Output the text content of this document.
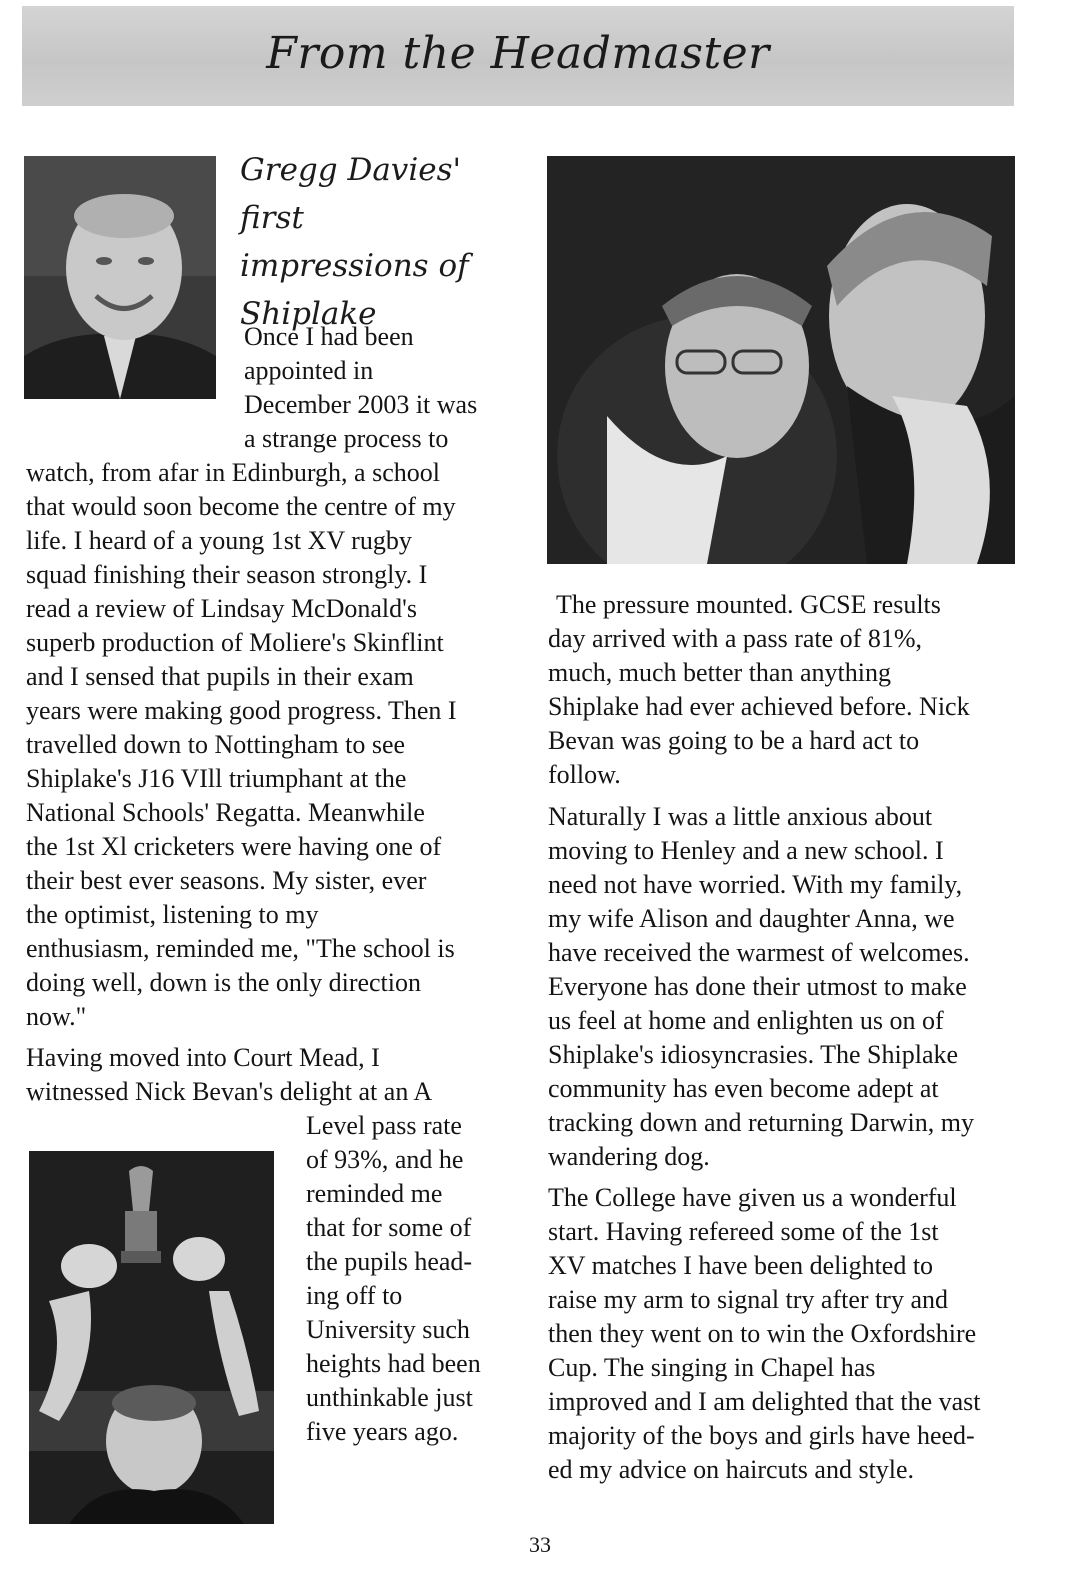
From the Headmaster
Gregg Davies' first
impressions of
Shiplake
Once I had been
appointed in
December 2003 it was
a strange process to
watch, from afar in Edinburgh, a school
that would soon become the centre of my
life. I heard of a young 1st XV rugby
squad finishing their season strongly. I
read a review of Lindsay McDonald's
superb production of Moliere's Skinflint
and I sensed that pupils in their exam
years were making good progress. Then I
travelled down to Nottingham to see
Shiplake's J16 VIll triumphant at the
National Schools' Regatta. Meanwhile
the 1st Xl cricketers were having one of
their best ever seasons. My sister, ever
the optimist, listening to my
enthusiasm, reminded me, "The school is
doing well, down is the only direction
now."
Having moved into Court Mead, I
witnessed Nick Bevan's delight at an A
Level pass rate
of 93%, and he
reminded me
that for some of
the pupils head-
ing off to
University such
heights had been
unthinkable just
five years ago.
The pressure mounted. GCSE results
day arrived with a pass rate of 81%,
much, much better than anything
Shiplake had ever achieved before. Nick
Bevan was going to be a hard act to
follow.
Naturally I was a little anxious about
moving to Henley and a new school. I
need not have worried. With my family,
my wife Alison and daughter Anna, we
have received the warmest of welcomes.
Everyone has done their utmost to make
us feel at home and enlighten us on of
Shiplake's idiosyncrasies. The Shiplake
community has even become adept at
tracking down and returning Darwin, my
wandering dog.
The College have given us a wonderful
start. Having refereed some of the 1st
XV matches I have been delighted to
raise my arm to signal try after try and
then they went on to win the Oxfordshire
Cup. The singing in Chapel has
improved and I am delighted that the vast
majority of the boys and girls have heed-
ed my advice on haircuts and style.
33
